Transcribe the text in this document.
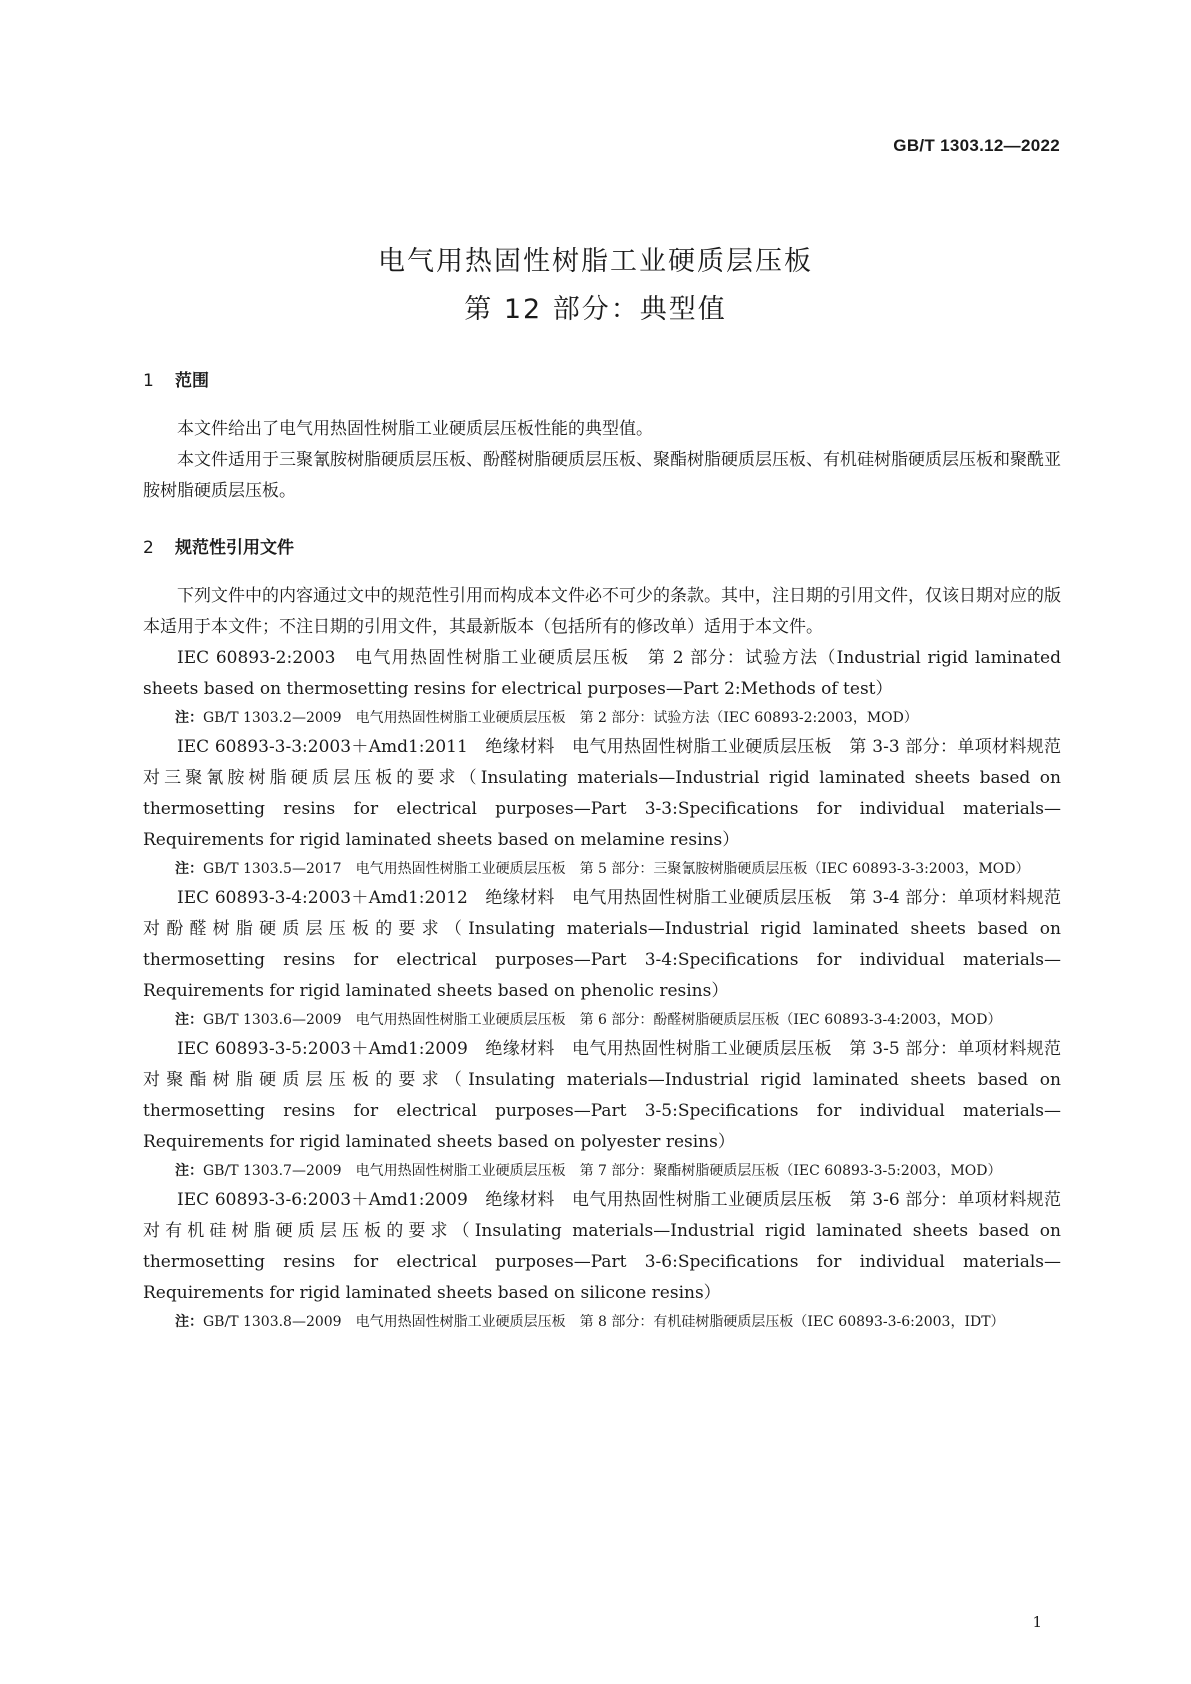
GB/T 1303.12—2022
电气用热固性树脂工业硬质层压板
第 12 部分：典型值
1 范围

本文件给出了电气用热固性树脂工业硬质层压板性能的典型值。

本文件适用于三聚氰胺树脂硬质层压板、酚醛树脂硬质层压板、聚酯树脂硬质层压板、有机硅树脂硬质层压板和聚酰亚胺树脂硬质层压板。

2 规范性引用文件

下列文件中的内容通过文中的规范性引用而构成本文件必不可少的条款。其中，注日期的引用文件，仅该日期对应的版本适用于本文件；不注日期的引用文件，其最新版本（包括所有的修改单）适用于本文件。

IEC 60893-2:2003　电气用热固性树脂工业硬质层压板　第 2 部分：试验方法（Industrial rigid laminated sheets based on thermosetting resins for electrical purposes—Part 2:Methods of test）

注：GB/T 1303.2—2009　电气用热固性树脂工业硬质层压板　第 2 部分：试验方法（IEC 60893-2:2003，MOD）

IEC 60893-3-3:2003＋Amd1:2011　绝缘材料　电气用热固性树脂工业硬质层压板　第 3-3 部分：单项材料规范　对三聚氰胺树脂硬质层压板的要求（Insulating materials—Industrial rigid laminated sheets based on thermosetting resins for electrical purposes—Part 3-3:Specifications for individual materials—Requirements for rigid laminated sheets based on melamine resins）

注：GB/T 1303.5—2017　电气用热固性树脂工业硬质层压板　第 5 部分：三聚氰胺树脂硬质层压板（IEC 60893-3-3:2003，MOD）

IEC 60893-3-4:2003＋Amd1:2012　绝缘材料　电气用热固性树脂工业硬质层压板　第 3-4 部分：单项材料规范　对酚醛树脂硬质层压板的要求（Insulating materials—Industrial rigid laminated sheets based on thermosetting resins for electrical purposes—Part 3-4:Specifications for individual materials—Requirements for rigid laminated sheets based on phenolic resins）

注：GB/T 1303.6—2009　电气用热固性树脂工业硬质层压板　第 6 部分：酚醛树脂硬质层压板（IEC 60893-3-4:2003，MOD）

IEC 60893-3-5:2003＋Amd1:2009　绝缘材料　电气用热固性树脂工业硬质层压板　第 3-5 部分：单项材料规范　对聚酯树脂硬质层压板的要求（Insulating materials—Industrial rigid laminated sheets based on thermosetting resins for electrical purposes—Part 3-5:Specifications for individual materials—Requirements for rigid laminated sheets based on polyester resins）

注：GB/T 1303.7—2009　电气用热固性树脂工业硬质层压板　第 7 部分：聚酯树脂硬质层压板（IEC 60893-3-5:2003，MOD）

IEC 60893-3-6:2003＋Amd1:2009　绝缘材料　电气用热固性树脂工业硬质层压板　第 3-6 部分：单项材料规范　对有机硅树脂硬质层压板的要求（Insulating materials—Industrial rigid laminated sheets based on thermosetting resins for electrical purposes—Part 3-6:Specifications for individual materials—Requirements for rigid laminated sheets based on silicone resins）

注：GB/T 1303.8—2009　电气用热固性树脂工业硬质层压板　第 8 部分：有机硅树脂硬质层压板（IEC 60893-3-6:2003，IDT）

1
